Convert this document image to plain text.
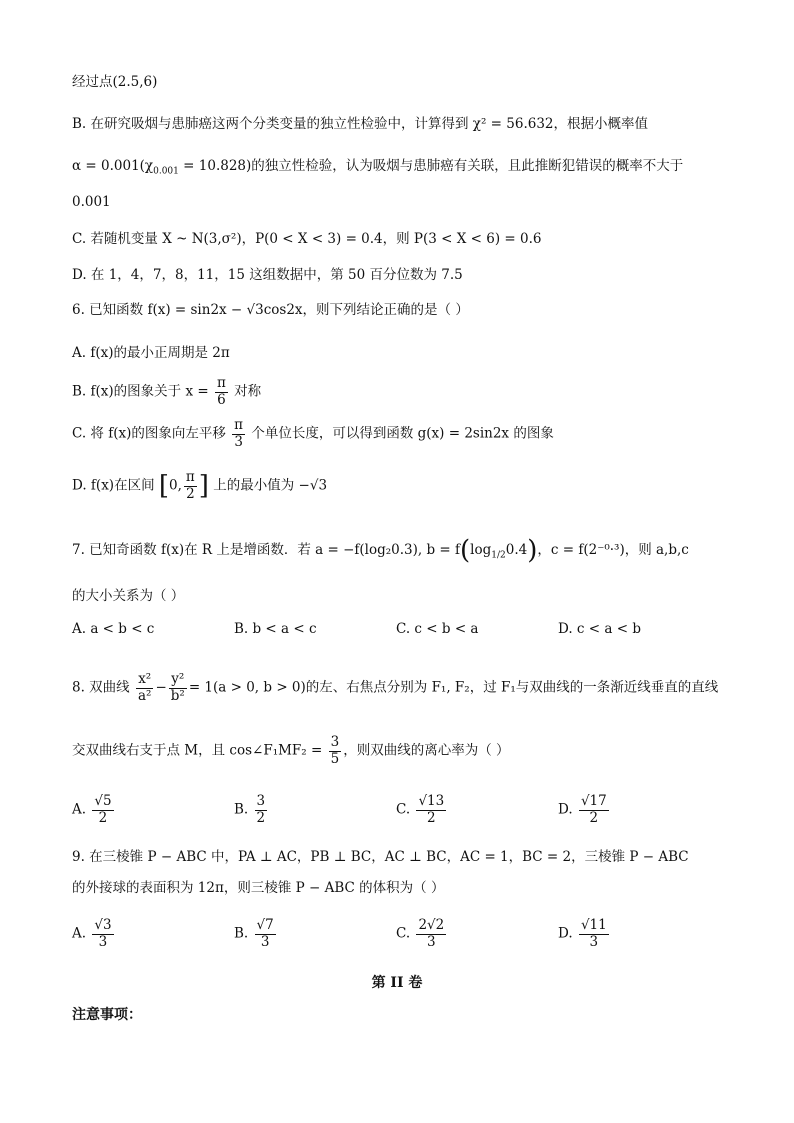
经过点(2.5,6)
B. 在研究吸烟与患肺癌这两个分类变量的独立性检验中，计算得到 χ² = 56.632，根据小概率值
$\alpha = 0.001(\chi_{0.001} = 10.828)$的独立性检验，认为吸烟与患肺癌有关联，且此推断犯错误的概率不大于
0.001
C. 若随机变量 X ~ N(3,σ²)，P(0 < X < 3) = 0.4，则 P(3 < X < 6) = 0.6
D. 在 1，4，7，8，11，15 这组数据中，第 50 百分位数为 7.5
6. 已知函数 f(x) = sin2x − √3cos2x，则下列结论正确的是（ ）
A. f(x)的最小正周期是 2π
B. f(x)的图象关于 $x = \frac{\pi}{6}$ 对称
C. 将 f(x)的图象向左平移 $\frac{\pi}{3}$ 个单位长度，可以得到函数 g(x) = 2sin2x 的图象
D. f(x)在区间 [0, $\frac{\pi}{2}$ ] 上的最小值为 −√3
7. 已知奇函数 f(x)在 R 上是增函数．若 a = −f(log₂0.3), $b = f(\log_{1/2}0.4)$，c = f(2⁻⁰·³)，则 a,b,c
的大小关系为（ ）
A. a < b < c	B. b < a < c	C. c < b < a	D. c < a < b
8. 双曲线 $\frac{\text{x²}}{\text{a²}} - \frac{\text{y²}}{\text{b²}} = 1(a > 0$, b > 0)的左、右焦点分别为 F₁, F₂，过 F₁与双曲线的一条渐近线垂直的直线
交双曲线右支于点 M，且 cos∠F₁MF₂ = $\frac{3}{5}$ ，则双曲线的离心率为（ ）
A. $\frac{√5}{2}$	B. $\frac{3}{2}$	C. $\frac{√13}{2}$	D. $\frac{√17}{2}$
9. 在三棱锥 P − ABC 中，PA ⊥ AC，PB ⊥ BC，AC ⊥ BC，AC = 1，BC = 2，三棱锥 P − ABC
的外接球的表面积为 12π，则三棱锥 P − ABC 的体积为（ ）
A. $\frac{√3}{3}$	B. $\frac{√7}{3}$	C. $\frac{2√2}{3}$	D. $\frac{√11}{3}$
第 II 卷
注意事项：
